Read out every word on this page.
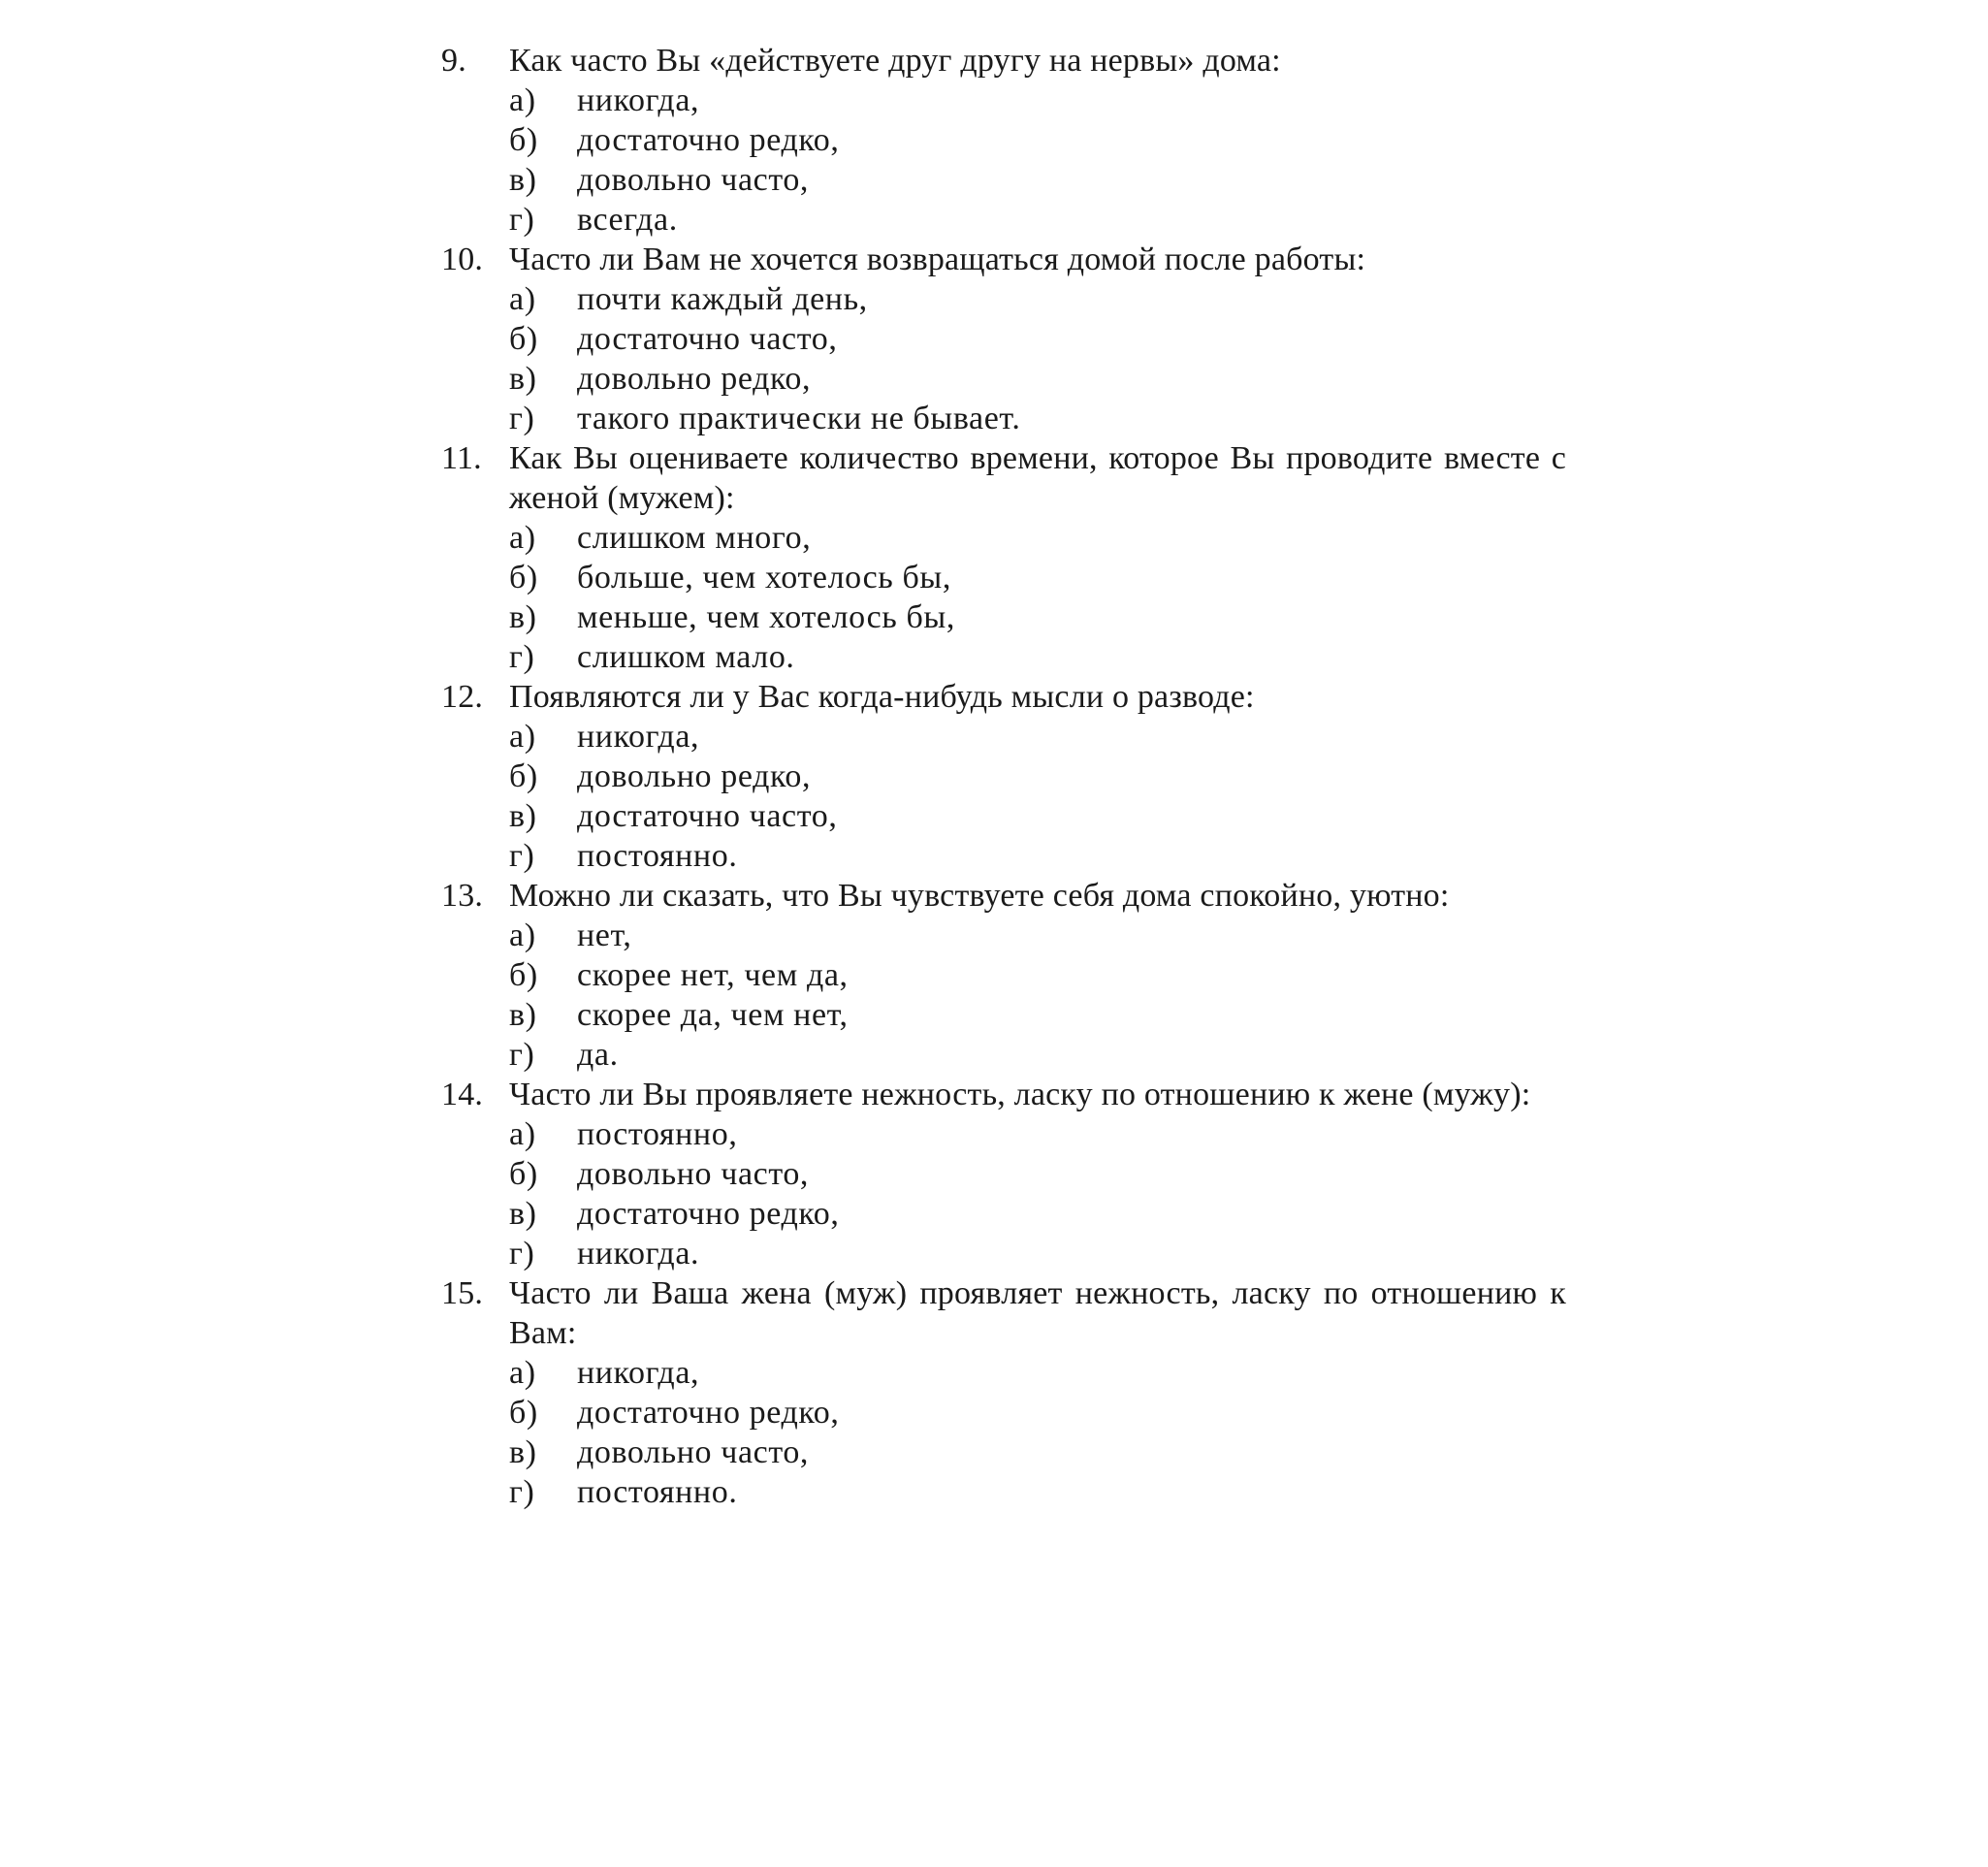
9.	Как часто Вы «действуете друг другу на нервы» дома:
а) никогда,
б) достаточно редко,
в) довольно часто,
г) всегда.
10. Часто ли Вам не хочется возвращаться домой после работы:
а) почти каждый день,
б) достаточно часто,
в) довольно редко,
г) такого практически не бывает.
11. Как Вы оцениваете количество времени, которое Вы проводите вместе с женой (мужем):
а) слишком много,
б) больше, чем хотелось бы,
в) меньше, чем хотелось бы,
г) слишком мало.
12. Появляются ли у Вас когда-нибудь мысли о разводе:
а) никогда,
б) довольно редко,
в) достаточно часто,
г) постоянно.
13. Можно ли сказать, что Вы чувствуете себя дома спокойно, уютно:
а) нет,
б) скорее нет, чем да,
в) скорее да, чем нет,
г) да.
14. Часто ли Вы проявляете нежность, ласку по отношению к жене (мужу):
а) постоянно,
б) довольно часто,
в) достаточно редко,
г) никогда.
15. Часто ли Ваша жена (муж) проявляет нежность, ласку по отношению к Вам:
а) никогда,
б) достаточно редко,
в) довольно часто,
г) постоянно.
